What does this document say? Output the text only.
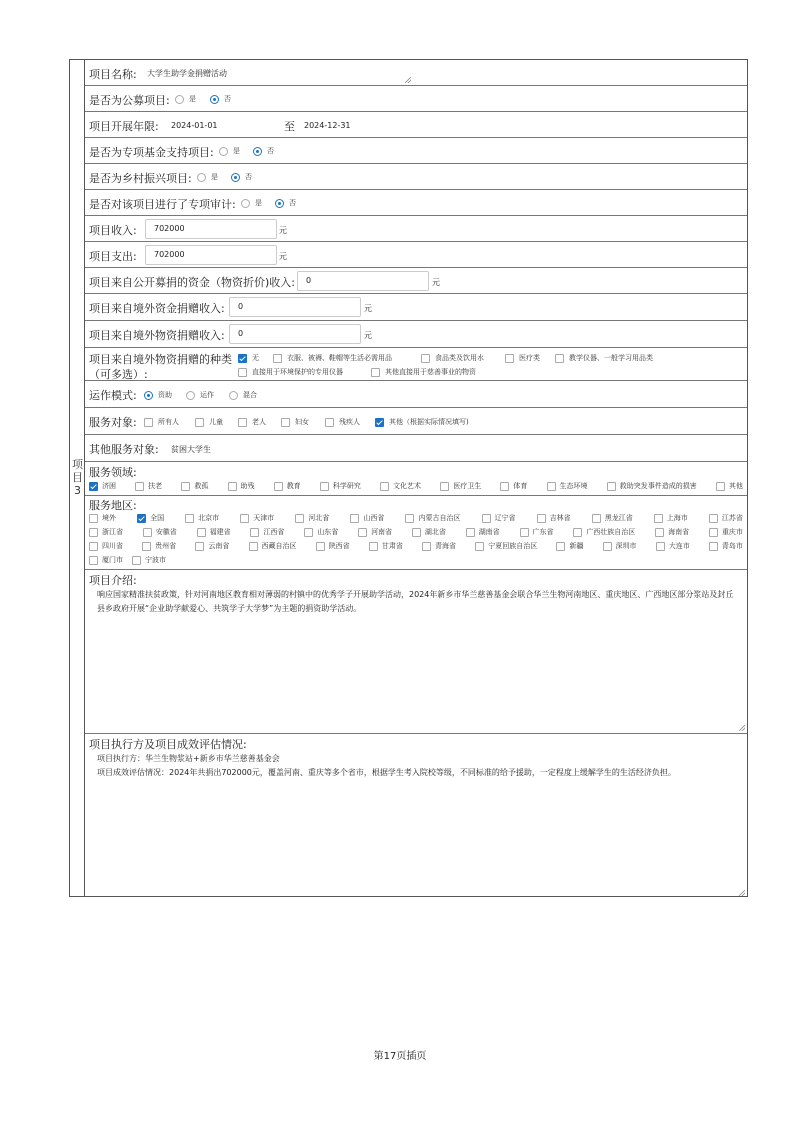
项目3
项目名称: 大学生助学金捐赠活动
是否为公募项目:	是	否
项目开展年限: 2024-01-01	至 2024-12-31
是否为专项基金支持项目:	是	否
是否为乡村振兴项目:	是	否
是否对该项目进行了专项审计:	是	否
项目收入:	702000	元
项目支出:	702000	元
项目来自公开募捐的资金（物资折价)收入:	0	元
项目来自境外资金捐赠收入:	0	元
项目来自境外物资捐赠收入:	0	元
项目来自境外物资捐赠的种类
（可多选）:
无	衣服、被褥、鞋帽等生活必需用品	食品类及饮用水	医疗类	教学仪器、一般学习用品类
直接用于环境保护的专用仪器	其他直接用于慈善事业的物资
运作模式:	资助	运作	混合
服务对象:	所有人	儿童	老人	妇女	残疾人	其他（根据实际情况填写)
其他服务对象: 贫困大学生
服务领域:
济困	扶老	救孤	助残	教育	科学研究	文化艺术	医疗卫生	体育	生态环境	救助突发事件造成的损害	其他
服务地区:
境外	全国	北京市	天津市	河北省	山西省	内蒙古自治区	辽宁省	吉林省	黑龙江省	上海市	江苏省
浙江省	安徽省	福建省	江西省	山东省	河南省	湖北省	湖南省	广东省	广西壮族自治区	海南省	重庆市
四川省	贵州省	云南省	西藏自治区	陕西省	甘肃省	青海省	宁夏回族自治区	新疆	深圳市	大连市	青岛市
厦门市	宁波市
项目介绍:
响应国家精准扶贫政策，针对河南地区教育相对薄弱的村镇中的优秀学子开展助学活动，2024年新乡市华兰慈善基金会联合华兰生物河南地区、重庆地区、广西地区部分浆站及封丘县乡政府开展“企业助学献爱心、共筑学子大学梦”为主题的捐资助学活动。
项目执行方及项目成效评估情况:
项目执行方：华兰生物浆站+新乡市华兰慈善基金会
项目成效评估情况：2024年共捐出702000元，覆盖河南、重庆等多个省市，根据学生考入院校等级，不同标准的给予援助，一定程度上缓解学生的生活经济负担。
第17页插页
